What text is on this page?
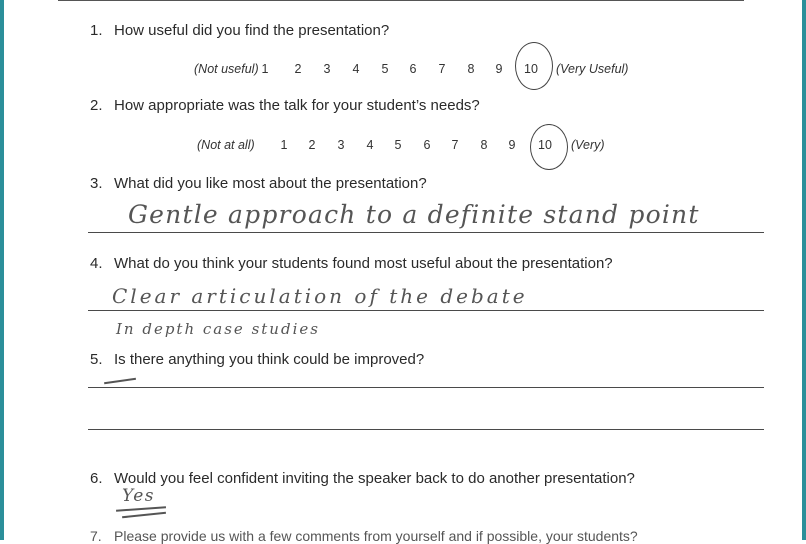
1. How useful did you find the presentation?
(Not useful) 1 2 3 4 5 6 7 8 9 10 (Very Useful)
2. How appropriate was the talk for your student’s needs?
(Not at all) 1 2 3 4 5 6 7 8 9 10 (Very)
3. What did you like most about the presentation?
Gentle approach to a definite stand point
4. What do you think your students found most useful about the presentation?
Clear articulation of the debate
In depth case studies
5. Is there anything you think could be improved?
6. Would you feel confident inviting the speaker back to do another presentation?
Yes
7. Please provide us with a few comments from yourself and if possible, your students?
